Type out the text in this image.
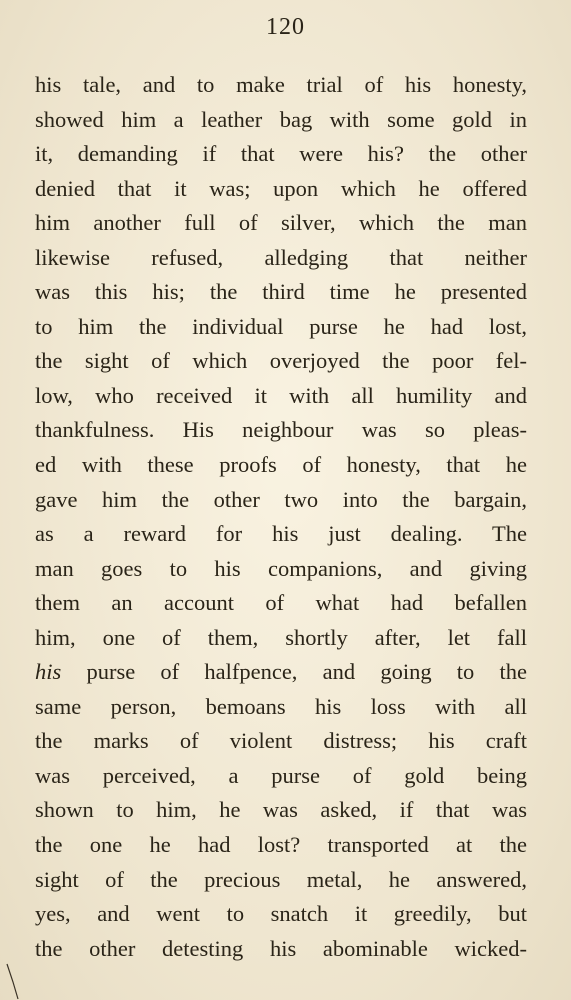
120
his tale, and to make trial of his honesty,
showed him a leather bag with some gold in
it, demanding if that were his? the other
denied that it was; upon which he offered
him another full of silver, which the man
likewise refused, alledging that neither
was this his; the third time he presented
to him the individual purse he had lost,
the sight of which overjoyed the poor fel-
low, who received it with all humility and
thankfulness. His neighbour was so pleas-
ed with these proofs of honesty, that he
gave him the other two into the bargain,
as a reward for his just dealing. The
man goes to his companions, and giving
them an account of what had befallen
him, one of them, shortly after, let fall
his purse of halfpence, and going to the
same person, bemoans his loss with all
the marks of violent distress; his craft
was perceived, a purse of gold being
shown to him, he was asked, if that was
the one he had lost? transported at the
sight of the precious metal, he answered,
yes, and went to snatch it greedily, but
the other detesting his abominable wicked-
